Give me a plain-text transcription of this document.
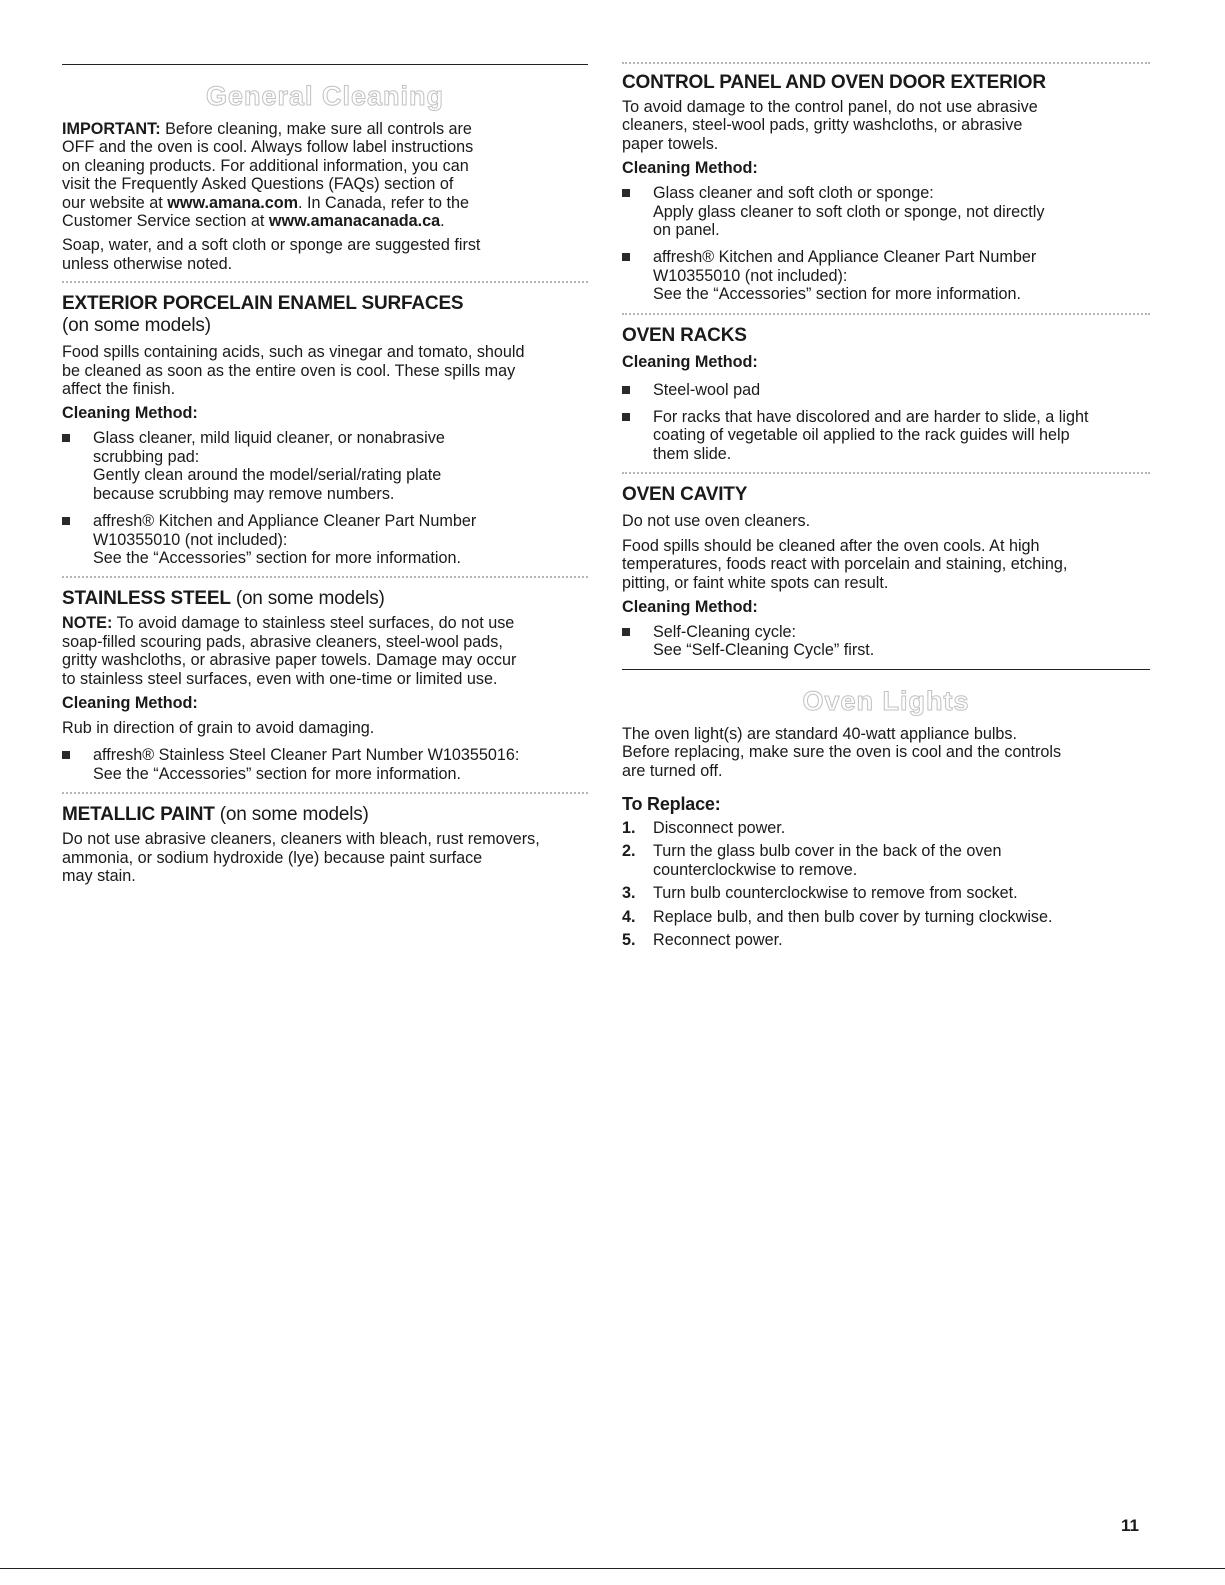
General Cleaning

IMPORTANT: Before cleaning, make sure all controls are
OFF and the oven is cool. Always follow label instructions
on cleaning products. For additional information, you can
visit the Frequently Asked Questions (FAQs) section of
our website at www.amana.com. In Canada, refer to the
Customer Service section at www.amanacanada.ca.

Soap, water, and a soft cloth or sponge are suggested first
unless otherwise noted.

EXTERIOR PORCELAIN ENAMEL SURFACES
(on some models)

Food spills containing acids, such as vinegar and tomato, should
be cleaned as soon as the entire oven is cool. These spills may
affect the finish.

Cleaning Method:
Glass cleaner, mild liquid cleaner, or nonabrasive
scrubbing pad:
Gently clean around the model/serial/rating plate
because scrubbing may remove numbers.
affresh® Kitchen and Appliance Cleaner Part Number
W10355010 (not included):
See the “Accessories” section for more information.
STAINLESS STEEL (on some models)

NOTE: To avoid damage to stainless steel surfaces, do not use
soap-filled scouring pads, abrasive cleaners, steel-wool pads,
gritty washcloths, or abrasive paper towels. Damage may occur
to stainless steel surfaces, even with one-time or limited use.

Cleaning Method:

Rub in direction of grain to avoid damaging.

affresh® Stainless Steel Cleaner Part Number W10355016:
See the “Accessories” section for more information.
METALLIC PAINT (on some models)

Do not use abrasive cleaners, cleaners with bleach, rust removers,
ammonia, or sodium hydroxide (lye) because paint surface
may stain.

CONTROL PANEL AND OVEN DOOR EXTERIOR

To avoid damage to the control panel, do not use abrasive
cleaners, steel-wool pads, gritty washcloths, or abrasive
paper towels.

Cleaning Method:
Glass cleaner and soft cloth or sponge:
Apply glass cleaner to soft cloth or sponge, not directly
on panel.
affresh® Kitchen and Appliance Cleaner Part Number
W10355010 (not included):
See the “Accessories” section for more information.
OVEN RACKS
Cleaning Method:
Steel-wool pad
For racks that have discolored and are harder to slide, a light
coating of vegetable oil applied to the rack guides will help
them slide.
OVEN CAVITY

Do not use oven cleaners.

Food spills should be cleaned after the oven cools. At high
temperatures, foods react with porcelain and staining, etching,
pitting, or faint white spots can result.

Cleaning Method:
Self-Cleaning cycle:
See “Self-Cleaning Cycle” first.
Oven Lights

The oven light(s) are standard 40-watt appliance bulbs.
Before replacing, make sure the oven is cool and the controls
are turned off.

To Replace:
1. Disconnect power.
2. Turn the glass bulb cover in the back of the oven
counterclockwise to remove.
3. Turn bulb counterclockwise to remove from socket.
4. Replace bulb, and then bulb cover by turning clockwise.
5. Reconnect power.
11
